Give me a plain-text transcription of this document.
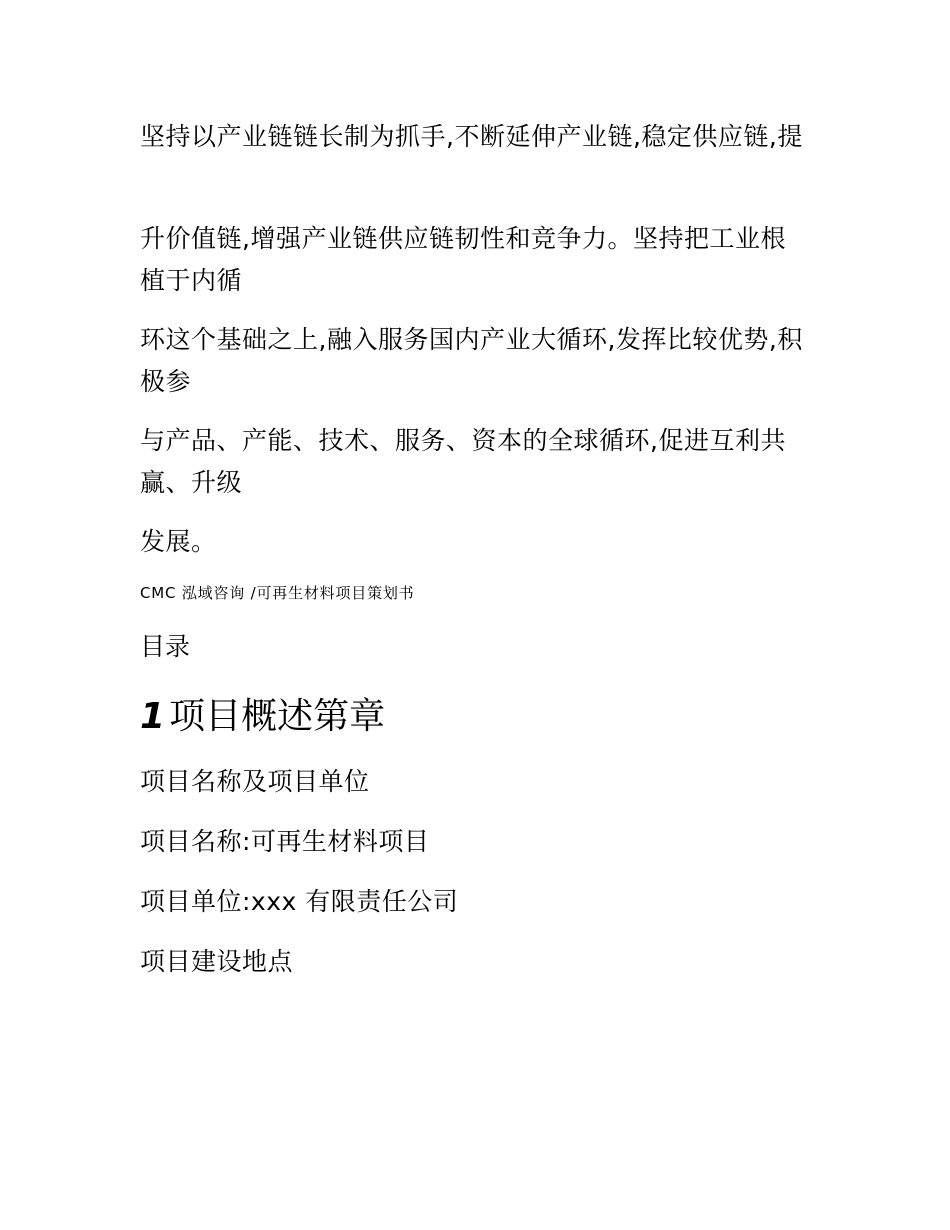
坚持以产业链链长制为抓手,不断延伸产业链,稳定供应链,提

升价值链,增强产业链供应链韧性和竞争力。坚持把工业根植于内循

环这个基础之上,融入服务国内产业大循环,发挥比较优势,积极参

与产品、产能、技术、服务、资本的全球循环,促进互利共赢、升级

发展。

CMC 泓域咨询 /可再生材料项目策划书

目录

1 项目概述第章

项目名称及项目单位

项目名称:可再生材料项目

项目单位:xxx 有限责任公司

项目建设地点
